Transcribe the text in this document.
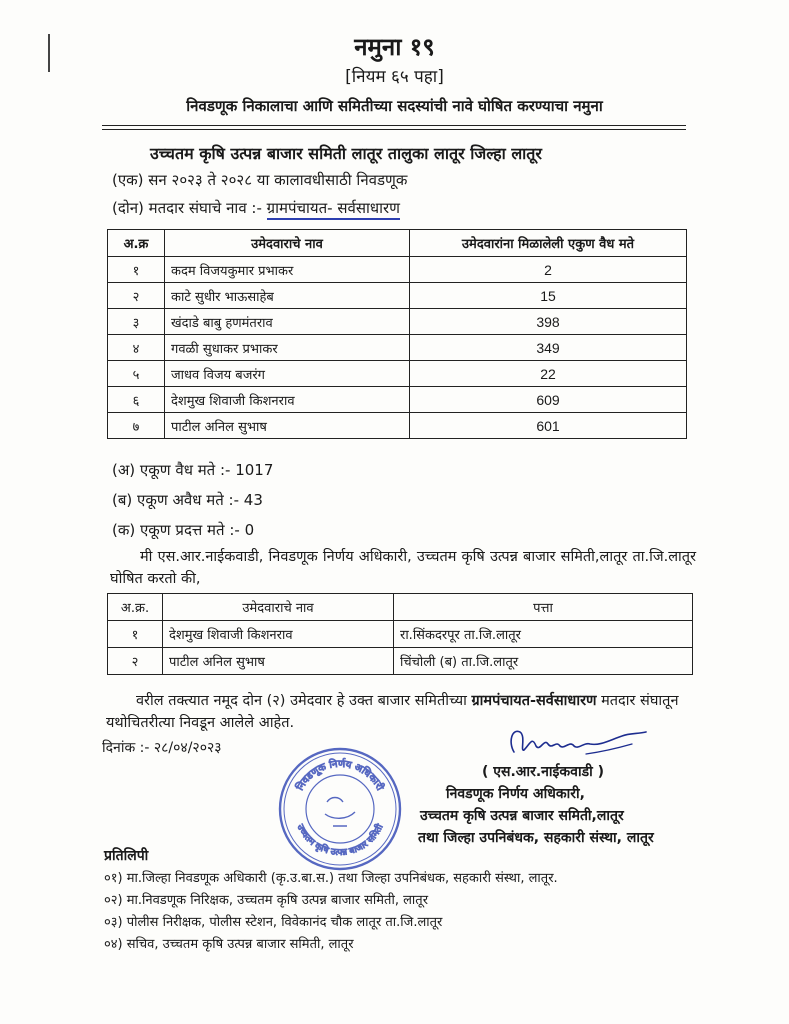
नमुना १९
[नियम ६५ पहा]
निवडणूक निकालाचा आणि समितीच्या सदस्यांची नावे घोषित करण्याचा नमुना
उच्चतम कृषि उत्पन्न बाजार समिती लातूर तालुका लातूर जिल्हा लातूर
(एक) सन २०२३ ते २०२८ या कालावधीसाठी निवडणूक
(दोन) मतदार संघाचे नाव :- ग्रामपंचायत- सर्वसाधारण
अ.क्र	उमेदवाराचे नाव	उमेदवारांना मिळालेली एकुण वैध मते
१	कदम विजयकुमार प्रभाकर	2
२	काटे सुधीर भाऊसाहेब	15
३	खंदाडे बाबु हणमंतराव	398
४	गवळी सुधाकर प्रभाकर	349
५	जाधव विजय बजरंग	22
६	देशमुख शिवाजी किशनराव	609
७	पाटील अनिल सुभाष	601
(अ) एकूण वैध मते :- 1017
(ब) एकूण अवैध मते :- 43
(क) एकूण प्रदत्त मते :- 0
मी एस.आर.नाईकवाडी, निवडणूक निर्णय अधिकारी, उच्चतम कृषि उत्पन्न बाजार समिती,लातूर ता.जि.लातूर घोषित करतो की,
अ.क्र.	उमेदवाराचे नाव	पत्ता
१	देशमुख शिवाजी किशनराव	रा.सिंकदरपूर ता.जि.लातूर
२	पाटील अनिल सुभाष	चिंचोली (ब) ता.जि.लातूर
वरील तक्त्यात नमूद दोन (२) उमेदवार हे उक्त बाजार समितीच्या ग्रामपंचायत-सर्वसाधारण मतदार संघातून यथोचितरीत्या निवडून आलेले आहेत.
दिनांक :- २८/०४/२०२३
( एस.आर.नाईकवाडी )
निवडणूक निर्णय अधिकारी,
उच्चतम कृषि उत्पन्न बाजार समिती,लातूर
तथा जिल्हा उपनिबंधक, सहकारी संस्था, लातूर
निवडणूक निर्णय अधिकारी
उच्चतम कृषि उत्पन्न बाजार समिती
प्रतिलिपी
०१) मा.जिल्हा निवडणूक अधिकारी (कृ.उ.बा.स.) तथा जिल्हा उपनिबंधक, सहकारी संस्था, लातूर.
०२) मा.निवडणूक निरिक्षक, उच्चतम कृषि उत्पन्न बाजार समिती, लातूर
०३) पोलीस निरीक्षक, पोलीस स्टेशन, विवेकानंद चौक लातूर ता.जि.लातूर
०४) सचिव, उच्चतम कृषि उत्पन्न बाजार समिती, लातूर
